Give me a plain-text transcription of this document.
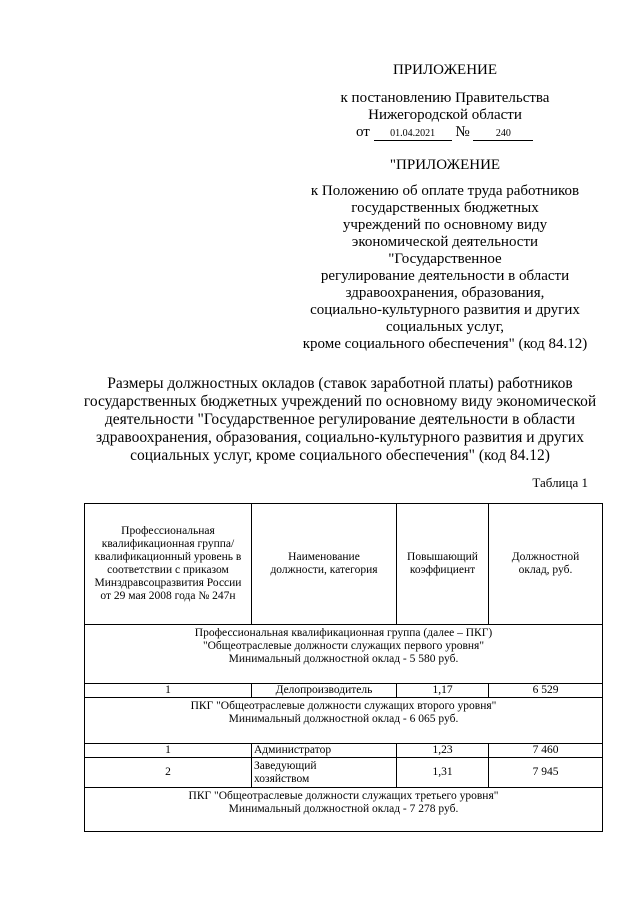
ПРИЛОЖЕНИЕ
к постановлению Правительства
Нижегородской области
от 01.04.2021 №	240
"ПРИЛОЖЕНИЕ
к Положению об оплате труда работников
государственных бюджетных
учреждений по основному виду
экономической деятельности
"Государственное
регулирование деятельности в области
здравоохранения, образования,
социально-культурного развития и других
социальных услуг,
кроме социального обеспечения" (код 84.12)
Размеры должностных окладов (ставок заработной платы) работников
государственных бюджетных учреждений по основному виду экономической
деятельности "Государственное регулирование деятельности в области
здравоохранения, образования, социально-культурного развития и других
социальных услуг, кроме социального обеспечения" (код 84.12)
Таблица 1
Профессиональная квалификационная группа/квалификационный уровень в соответствии с приказом Минздравсоцразвития России от 29 мая 2008 года № 247н	Наименование должности, категория	Повышающий коэффициент	Должностной оклад, руб.

Профессиональная квалификационная группа (далее – ПКГ)
"Общеотраслевые должности служащих первого уровня"
Минимальный должностной оклад - 5 580 руб.			

1	Делопроизводитель	1,17	6 529

ПКГ "Общеотраслевые должности служащих второго уровня"
Минимальный должностной оклад - 6 065 руб.			

1	Администратор	1,23	7 460
2	Заведующий хозяйством	1,31	7 945

ПКГ "Общеотраслевые должности служащих третьего уровня"
Минимальный должностной оклад - 7 278 руб.			
